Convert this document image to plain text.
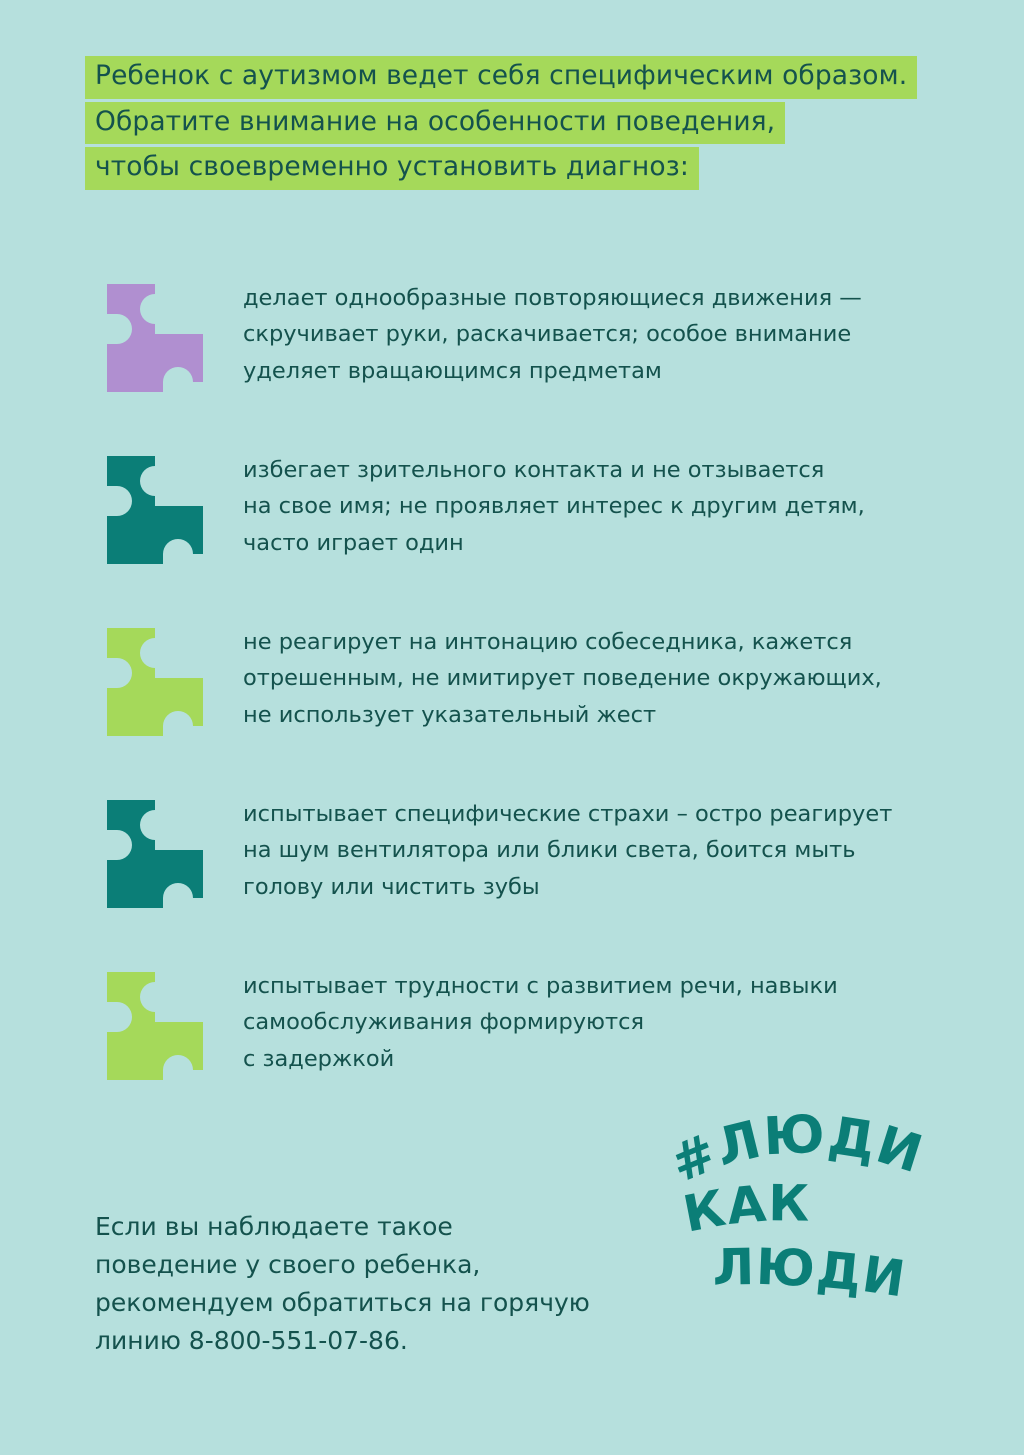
Ребенок с аутизмом ведет себя специфическим образом.
Обратите внимание на особенности поведения,
чтобы своевременно установить диагноз:
делает однообразные повторяющиеся движения —
скручивает руки, раскачивается; особое внимание
уделяет вращающимся предметам
избегает зрительного контакта и не отзывается
на свое имя; не проявляет интерес к другим детям,
часто играет один
не реагирует на интонацию собеседника, кажется
отрешенным, не имитирует поведение окружающих,
не использует указательный жест
испытывает специфические страхи – остро реагирует
на шум вентилятора или блики света, боится мыть
голову или чистить зубы
испытывает трудности с развитием речи, навыки
самообслуживания формируются
с задержкой
Если вы наблюдаете такое
поведение у своего ребенка,
рекомендуем обратиться на горячую
линию 8-800-551-07-86.
#ЛЮДИ
КАК
ЛЮДИ
